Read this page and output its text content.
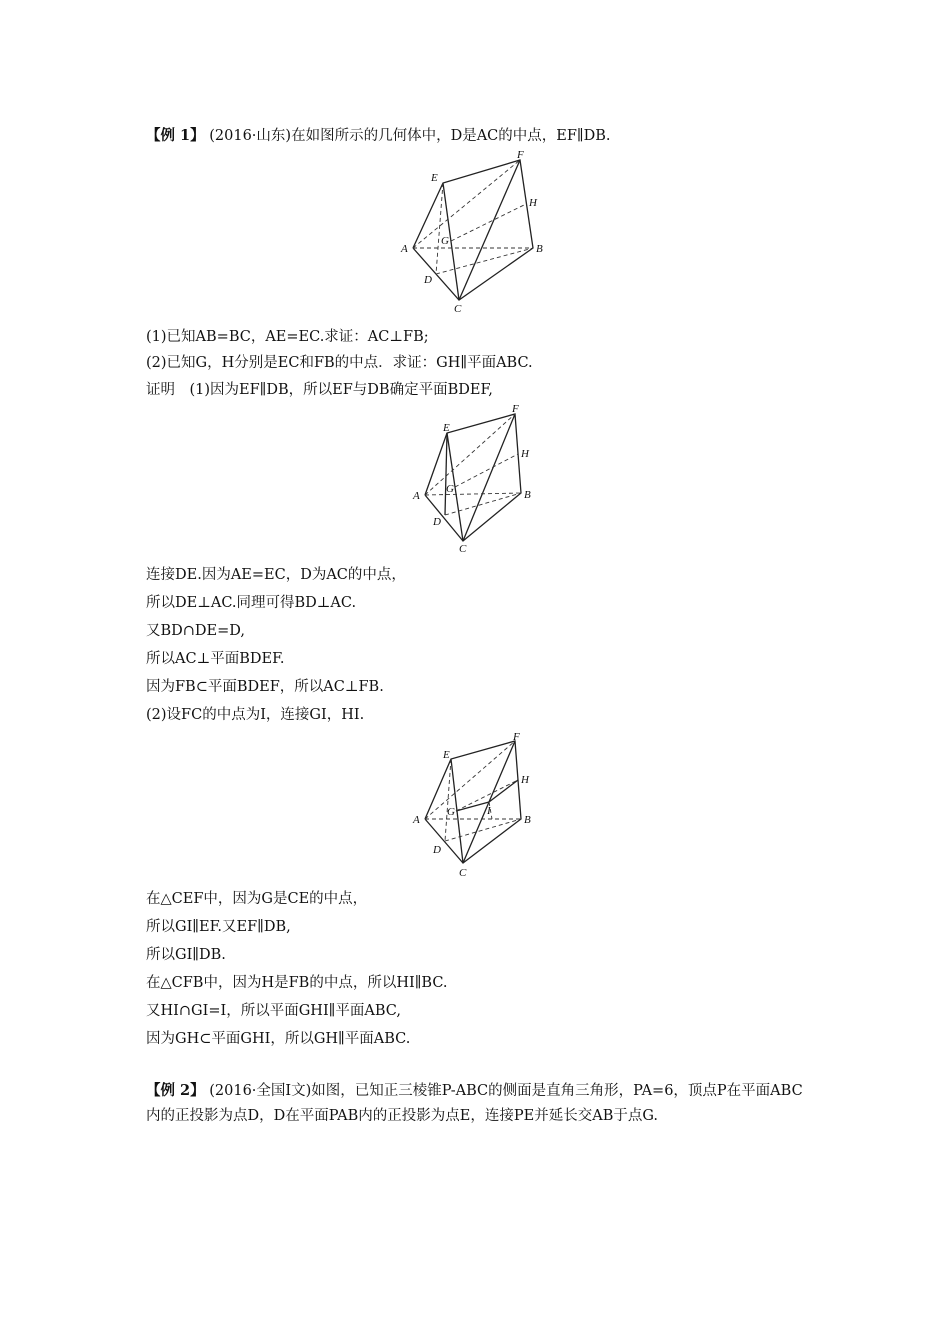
【例 1】 (2016·山东)在如图所示的几何体中，D是AC的中点，EF∥DB.
E
F
H
G
A	B
D
C
(1)已知AB=BC，AE=EC.求证：AC⊥FB;
(2)已知G，H分别是EC和FB的中点．求证：GH∥平面ABC.
证明　(1)因为EF∥DB，所以EF与DB确定平面BDEF,
E
F
H
G
A	B
D
C
连接DE.因为AE=EC，D为AC的中点，
所以DE⊥AC.同理可得BD⊥AC.
又BD∩DE=D,
所以AC⊥平面BDEF.
因为FB⊂平面BDEF，所以AC⊥FB.
(2)设FC的中点为I，连接GI，HI.
E
F
H
G	I
A	B
D
C
在△CEF中，因为G是CE的中点，
所以GI∥EF.又EF∥DB,
所以GI∥DB.
在△CFB中，因为H是FB的中点，所以HI∥BC.
又HI∩GI=I，所以平面GHI∥平面ABC,
因为GH⊂平面GHI，所以GH∥平面ABC.
【例 2】 (2016·全国Ⅰ文)如图，已知正三棱锥P-ABC的侧面是直角三角形，PA=6，顶点P在平面ABC内的正投影为点D，D在平面PAB内的正投影为点E，连接PE并延长交AB于点G.
